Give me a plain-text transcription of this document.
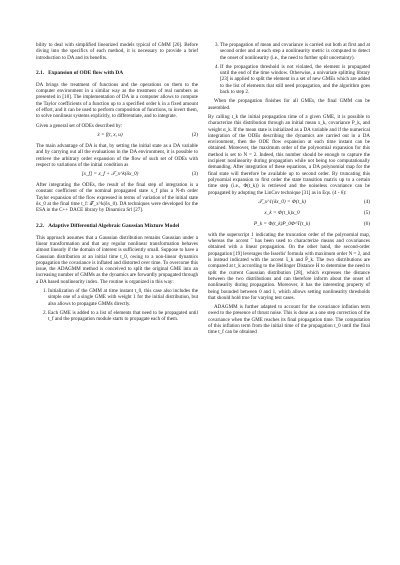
bility to deal with simplified linearized models typical of GMM [26]. Before diving into the specifics of each method, it is necessary to provide a brief introduction to DA and its benefits.

2.1. Expansion of ODE flow with DA

DA brings the treatment of functions and the operations on them to the computer environment in a similar way as the treatment of real numbers as presented in [18]. The implementation of DA in a computer allows to compute the Taylor coefficients of a function up to a specified order k in a fixed amount of effort, and it can be used to perform composition of functions, to invert them, to solve nonlinear systems explicitly, to differentiate, and to integrate.

Given a general set of ODEs described by:

ẋ = f(t, x, u)	(2)

The main advantage of DA is that, by setting the initial state as a DA variable and by carrying out all the evaluations in the DA environment, it is possible to retrieve the arbitrary order expansion of the flow of such set of ODEs with respect to variations of the initial condition as

[x_f] = x_f + 𝒯_x^k(δx_0)	(3)

After integrating the ODEs, the result of the final step of integration is a constant coefficient of the nominal propagated state x_f plus a N-th order Taylor expansion of the flow expressed in terms of variation of the initial state δx_0 at the final time t_f: 𝒯_x^k(δx_0). DA techniques were developed for the ESA in the C++ DACE library by Dinamica Srl [27].

2.2. Adaptive Differential Algebraic Gaussian Mixture Model

This approach assumes that a Gaussian distribution remains Gaussian under a linear transformation and that any regular nonlinear transformation behaves almost linearly if the domain of interest is sufficiently small. Suppose to have a Gaussian distribution at an initial time t_0, owing to a non-linear dynamics propagation the covariance is inflated and distorted over time. To overcome this issue, the ADAGMM method is conceived to split the original GME into an increasing number of GMMs as the dynamics are forwardly propagated through a DA based nonlinearity index. The routine is organized in this way:

1. Initialization of the GMM at time instant t_0, this case also includes the simple one of a single GME with weight 1 for the initial distribution, but also allows to propagate GMMs directly.
2. Each GME is added to a list of elements that need to be propagated until t_f and the propagation module starts to propagate each of them.
3. The propagation of mean and covariance is carried out both at first and at second order and at each step a nonlinearity metric is computed to detect the onset of nonlinearity (i.e., the need to further split uncertainty).
4. If the propagation threshold is not violated, the element is propagated until the end of the time window. Otherwise, a univariate splitting library [23] is applied to split the element in a set of new GMEs which are added to the list of elements that still need propagation, and the algorithm goes back to step 2.

When the propagation finishes for all GMEs, the final GMM can be assembled.

By calling t_k the initial propagation time of a given GME, it is possible to characterize this distribution through an initial mean x_k, covariance P_k, and weight α_k. If the mean state is initialized as a DA variable and if the numerical integration of the ODEs describing the dynamics are carried out in a DA environment, then the ODE flow expansion at each time instant can be obtained. Moreover, the maximum order of the polynomial expansion for this method is set to N = 2. Indeed, this number should be enough to capture the incipient nonlinearity during propagation while not being too computationally demanding. After integration of these equations, a DA polynomial map for the final state will therefore be available up to second order. By truncating this polynomial expansion to first order the state transition matrix up to a certain time step (i.e., Φ(t_k)) is retrieved and the noiseless covariance can be propagated by adopting the LinCov technique [31] as in Eqs. (4 - 6):

𝒯_x^1(δx_0) = Φ(t_k)	(4)
x_k = Φ(t_k)x_0	(5)
P_k = Φ(t_k)P_0Φ^T(t_k)	(6)

with the superscript 1 indicating the truncation order of the polynomial map, whereas the accent ˆ has been used to characterize means and covariances obtained with a linear propagation. On the other hand, the second-order propagation [19] leverages the Isserlis' formula with maximum order N = 2, and is instead indicated with the accent x̄_k and P̄_k. The two distributions are compared at t_k according to the Hellinger Distance H to determine the need to split the current Gaussian distribution [28], which expresses the distance between the two distributions and can therefore inform about the onset of nonlinearity during propagation. Moreover, it has the interesting property of being bounded between 0 and 1, which allows setting nonlinearity thresholds that should hold true for varying test cases.

ADAGMM is further adapted to account for the covariance inflation term owed to the presence of thrust noise. This is done as a one step correction of the covariance when the GME reaches its final propagation time. The computation of this inflation term from the initial time of the propagation t_0 until the final time t_f can be obtained
